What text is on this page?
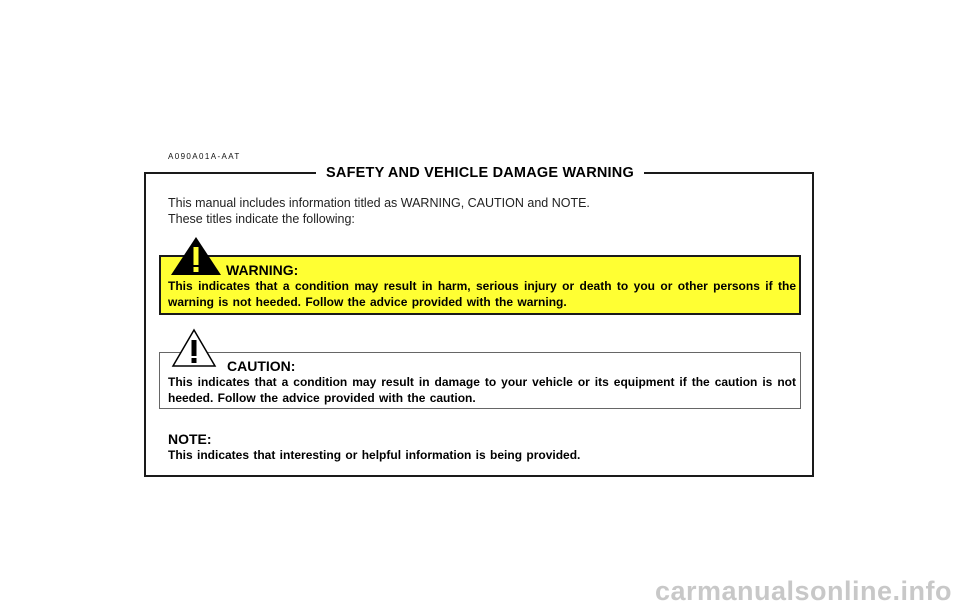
A090A01A-AAT
SAFETY AND VEHICLE DAMAGE WARNING
This manual includes information titled as WARNING, CAUTION and NOTE.
These titles indicate the following:
WARNING:
This indicates that a condition may result in harm, serious injury or death to you or other persons if the warning is not heeded. Follow the advice provided with the warning.
CAUTION:
This indicates that a condition may result in damage to your vehicle or its equipment if the caution is not heeded. Follow the advice provided with the caution.
NOTE:
This indicates that interesting or helpful information is being provided.
carmanualsonline.info
